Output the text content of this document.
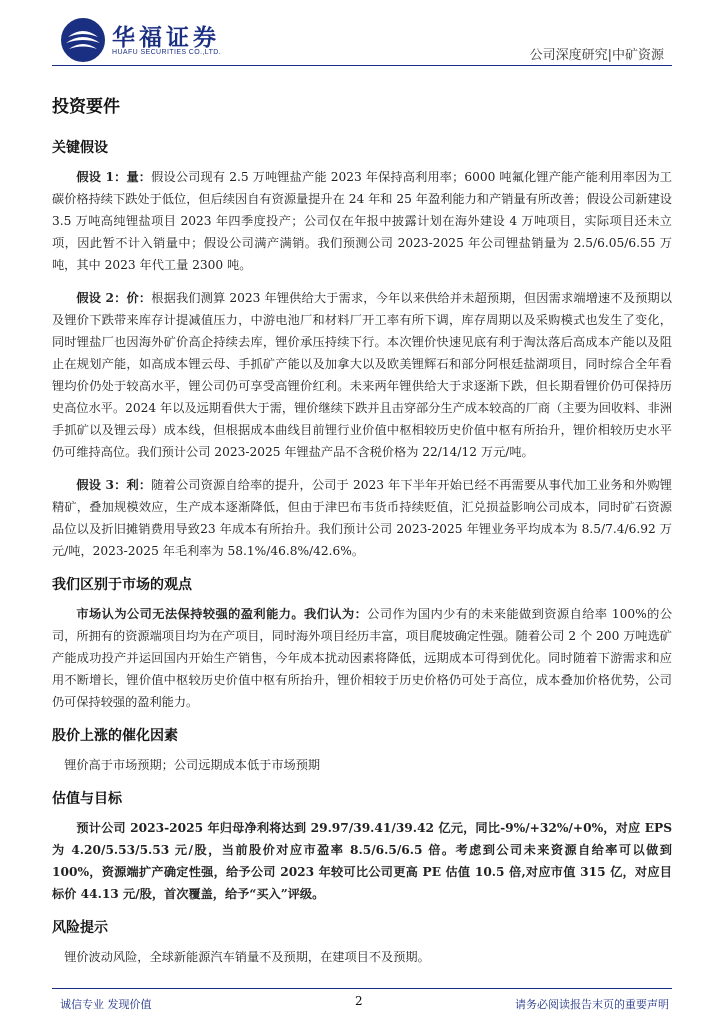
华福证券
HUAFU SECURITIES CO.,LTD.	公司深度研究|中矿资源
投资要件
关键假设

假设 1：量：假设公司现有 2.5 万吨锂盐产能 2023 年保持高利用率；6000 吨氟化锂产能产能利用率因为工碳价格持续下跌处于低位，但后续因自有资源量提升在 24 年和 25 年盈利能力和产销量有所改善；假设公司新建设 3.5 万吨高纯锂盐项目 2023 年四季度投产；公司仅在年报中披露计划在海外建设 4 万吨项目，实际项目还未立项，因此暂不计入销量中；假设公司满产满销。我们预测公司 2023-2025 年公司锂盐销量为 2.5/6.05/6.55 万吨，其中 2023 年代工量 2300 吨。

假设 2：价：根据我们测算 2023 年锂供给大于需求，今年以来供给并未超预期，但因需求端增速不及预期以及锂价下跌带来库存计提减值压力，中游电池厂和材料厂开工率有所下调，库存周期以及采购模式也发生了变化，同时锂盐厂也因海外矿价高企持续去库，锂价承压持续下行。本次锂价快速见底有利于淘汰落后高成本产能以及阻止在规划产能，如高成本锂云母、手抓矿产能以及加拿大以及欧美锂辉石和部分阿根廷盐湖项目，同时综合全年看锂均价仍处于较高水平，锂公司仍可享受高锂价红利。未来两年锂供给大于求逐渐下跌，但长期看锂价仍可保持历史高位水平。2024 年以及远期看供大于需，锂价继续下跌并且击穿部分生产成本较高的厂商（主要为回收料、非洲手抓矿以及锂云母）成本线，但根据成本曲线目前锂行业价值中枢相较历史价值中枢有所抬升，锂价相较历史水平仍可维持高位。我们预计公司 2023-2025 年锂盐产品不含税价格为 22/14/12 万元/吨。

假设 3：利：随着公司资源自给率的提升，公司于 2023 年下半年开始已经不再需要从事代加工业务和外购锂精矿，叠加规模效应，生产成本逐渐降低，但由于津巴布韦货币持续贬值，汇兑损益影响公司成本，同时矿石资源品位以及折旧摊销费用导致23 年成本有所抬升。我们预计公司 2023-2025 年锂业务平均成本为 8.5/7.4/6.92 万元/吨，2023-2025 年毛利率为 58.1%/46.8%/42.6%。

我们区别于市场的观点

市场认为公司无法保持较强的盈利能力。我们认为：公司作为国内少有的未来能做到资源自给率 100%的公司，所拥有的资源端项目均为在产项目，同时海外项目经历丰富，项目爬坡确定性强。随着公司 2 个 200 万吨选矿产能成功投产并运回国内开始生产销售，今年成本扰动因素将降低，远期成本可得到优化。同时随着下游需求和应用不断增长，锂价值中枢较历史价值中枢有所抬升，锂价相较于历史价格仍可处于高位，成本叠加价格优势，公司仍可保持较强的盈利能力。

股价上涨的催化因素

锂价高于市场预期；公司远期成本低于市场预期

估值与目标

预计公司 2023-2025 年归母净利将达到 29.97/39.41/39.42 亿元，同比-9%/+32%/+0%，对应 EPS 为 4.20/5.53/5.53 元/股，当前股价对应市盈率 8.5/6.5/6.5 倍。考虑到公司未来资源自给率可以做到 100%，资源端扩产确定性强，给予公司 2023 年较可比公司更高 PE 估值 10.5 倍,对应市值 315 亿，对应目标价 44.13 元/股，首次覆盖，给予“买入”评级。

风险提示

锂价波动风险，全球新能源汽车销量不及预期，在建项目不及预期。

诚信专业 发现价值	2	请务必阅读报告末页的重要声明
